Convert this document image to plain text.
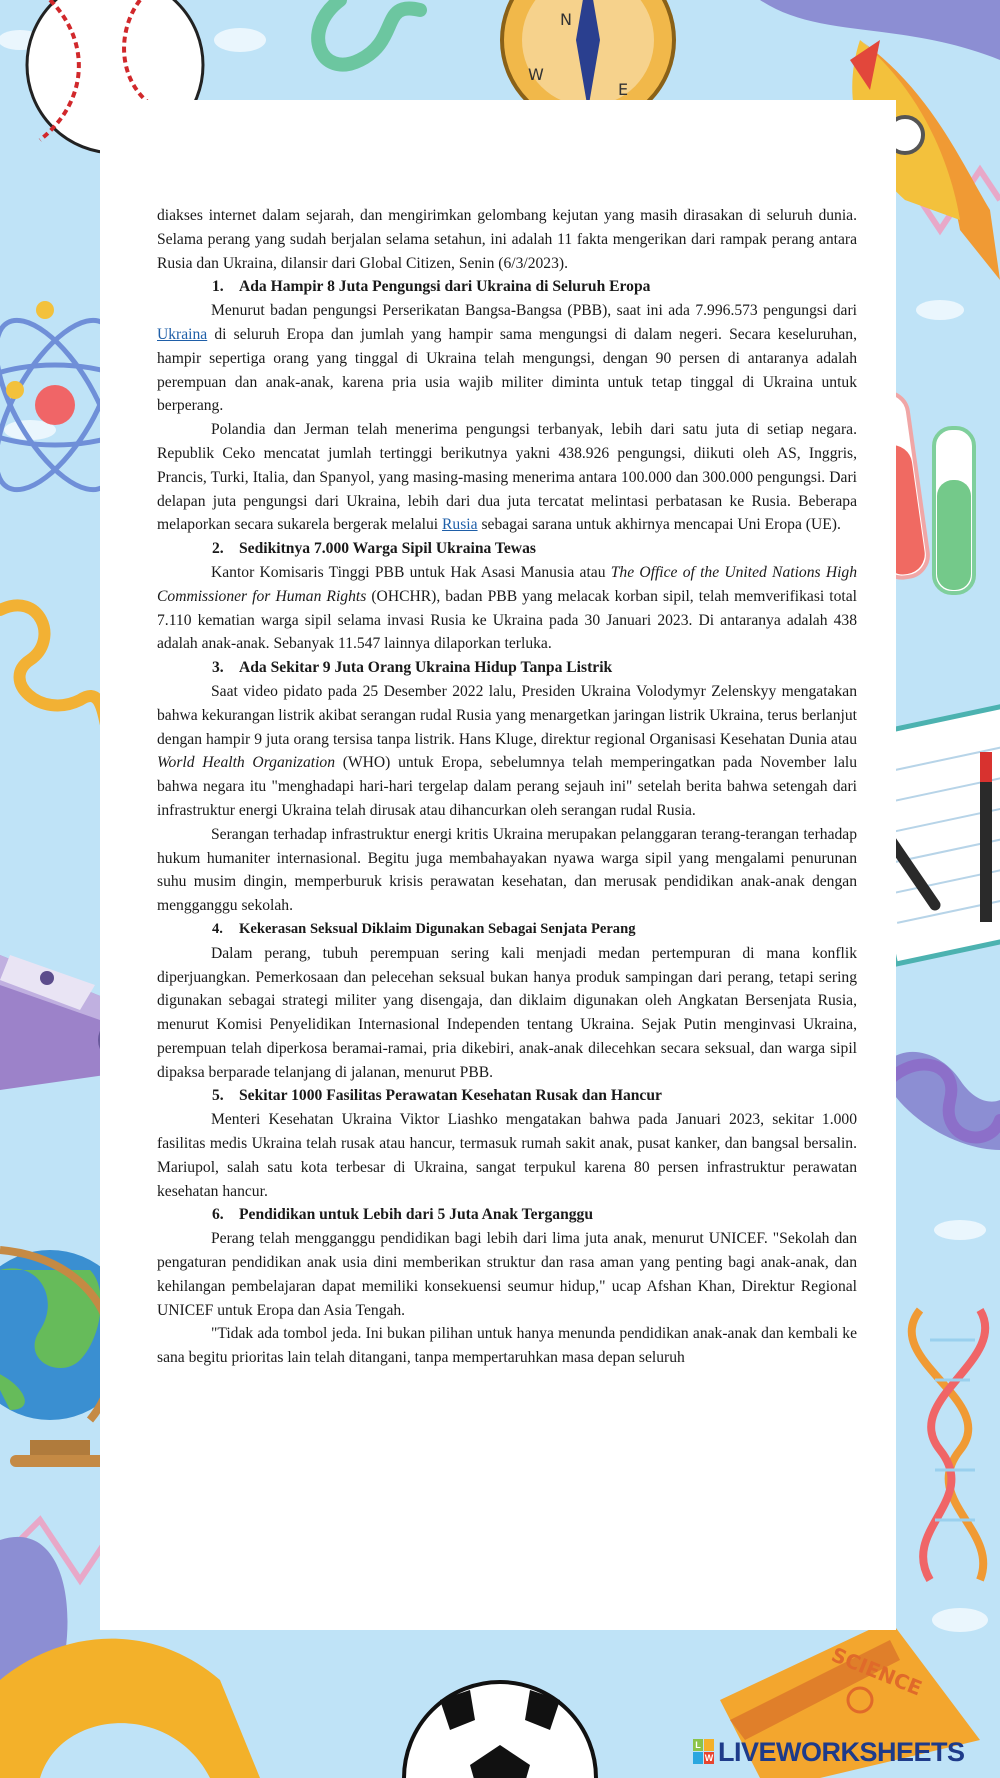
N
E
W
SCIENCE

diakses internet dalam sejarah, dan mengirimkan gelombang kejutan yang masih dirasakan di seluruh dunia. Selama perang yang sudah berjalan selama setahun, ini adalah 11 fakta mengerikan dari rampak perang antara Rusia dan Ukraina, dilansir dari Global Citizen, Senin (6/3/2023).

1. Ada Hampir 8 Juta Pengungsi dari Ukraina di Seluruh Eropa

Menurut badan pengungsi Perserikatan Bangsa-Bangsa (PBB), saat ini ada 7.996.573 pengungsi dari Ukraina di seluruh Eropa dan jumlah yang hampir sama mengungsi di dalam negeri. Secara keseluruhan, hampir sepertiga orang yang tinggal di Ukraina telah mengungsi, dengan 90 persen di antaranya adalah perempuan dan anak-anak, karena pria usia wajib militer diminta untuk tetap tinggal di Ukraina untuk berperang.

Polandia dan Jerman telah menerima pengungsi terbanyak, lebih dari satu juta di setiap negara. Republik Ceko mencatat jumlah tertinggi berikutnya yakni 438.926 pengungsi, diikuti oleh AS, Inggris, Prancis, Turki, Italia, dan Spanyol, yang masing-masing menerima antara 100.000 dan 300.000 pengungsi. Dari delapan juta pengungsi dari Ukraina, lebih dari dua juta tercatat melintasi perbatasan ke Rusia. Beberapa melaporkan secara sukarela bergerak melalui Rusia sebagai sarana untuk akhirnya mencapai Uni Eropa (UE).

2. Sedikitnya 7.000 Warga Sipil Ukraina Tewas

Kantor Komisaris Tinggi PBB untuk Hak Asasi Manusia atau The Office of the United Nations High Commissioner for Human Rights (OHCHR), badan PBB yang melacak korban sipil, telah memverifikasi total 7.110 kematian warga sipil selama invasi Rusia ke Ukraina pada 30 Januari 2023. Di antaranya adalah 438 adalah anak-anak. Sebanyak 11.547 lainnya dilaporkan terluka.

3. Ada Sekitar 9 Juta Orang Ukraina Hidup Tanpa Listrik

Saat video pidato pada 25 Desember 2022 lalu, Presiden Ukraina Volodymyr Zelenskyy mengatakan bahwa kekurangan listrik akibat serangan rudal Rusia yang menargetkan jaringan listrik Ukraina, terus berlanjut dengan hampir 9 juta orang tersisa tanpa listrik. Hans Kluge, direktur regional Organisasi Kesehatan Dunia atau World Health Organization (WHO) untuk Eropa, sebelumnya telah memperingatkan pada November lalu bahwa negara itu "menghadapi hari-hari tergelap dalam perang sejauh ini" setelah berita bahwa setengah dari infrastruktur energi Ukraina telah dirusak atau dihancurkan oleh serangan rudal Rusia.

Serangan terhadap infrastruktur energi kritis Ukraina merupakan pelanggaran terang-terangan terhadap hukum humaniter internasional. Begitu juga membahayakan nyawa warga sipil yang mengalami penurunan suhu musim dingin, memperburuk krisis perawatan kesehatan, dan merusak pendidikan anak-anak dengan mengganggu sekolah.

4. Kekerasan Seksual Diklaim Digunakan Sebagai Senjata Perang

Dalam perang, tubuh perempuan sering kali menjadi medan pertempuran di mana konflik diperjuangkan. Pemerkosaan dan pelecehan seksual bukan hanya produk sampingan dari perang, tetapi sering digunakan sebagai strategi militer yang disengaja, dan diklaim digunakan oleh Angkatan Bersenjata Rusia, menurut Komisi Penyelidikan Internasional Independen tentang Ukraina. Sejak Putin menginvasi Ukraina, perempuan telah diperkosa beramai-ramai, pria dikebiri, anak-anak dilecehkan secara seksual, dan warga sipil dipaksa berparade telanjang di jalanan, menurut PBB.

5. Sekitar 1000 Fasilitas Perawatan Kesehatan Rusak dan Hancur

Menteri Kesehatan Ukraina Viktor Liashko mengatakan bahwa pada Januari 2023, sekitar 1.000 fasilitas medis Ukraina telah rusak atau hancur, termasuk rumah sakit anak, pusat kanker, dan bangsal bersalin. Mariupol, salah satu kota terbesar di Ukraina, sangat terpukul karena 80 persen infrastruktur perawatan kesehatan hancur.

6. Pendidikan untuk Lebih dari 5 Juta Anak Terganggu

Perang telah mengganggu pendidikan bagi lebih dari lima juta anak, menurut UNICEF. "Sekolah dan pengaturan pendidikan anak usia dini memberikan struktur dan rasa aman yang penting bagi anak-anak, dan kehilangan pembelajaran dapat memiliki konsekuensi seumur hidup," ucap Afshan Khan, Direktur Regional UNICEF untuk Eropa dan Asia Tengah.

"Tidak ada tombol jeda. Ini bukan pilihan untuk hanya menunda pendidikan anak-anak dan kembali ke sana begitu prioritas lain telah ditangani, tanpa mempertaruhkan masa depan seluruh

L
W LIVEWORKSHEETS
